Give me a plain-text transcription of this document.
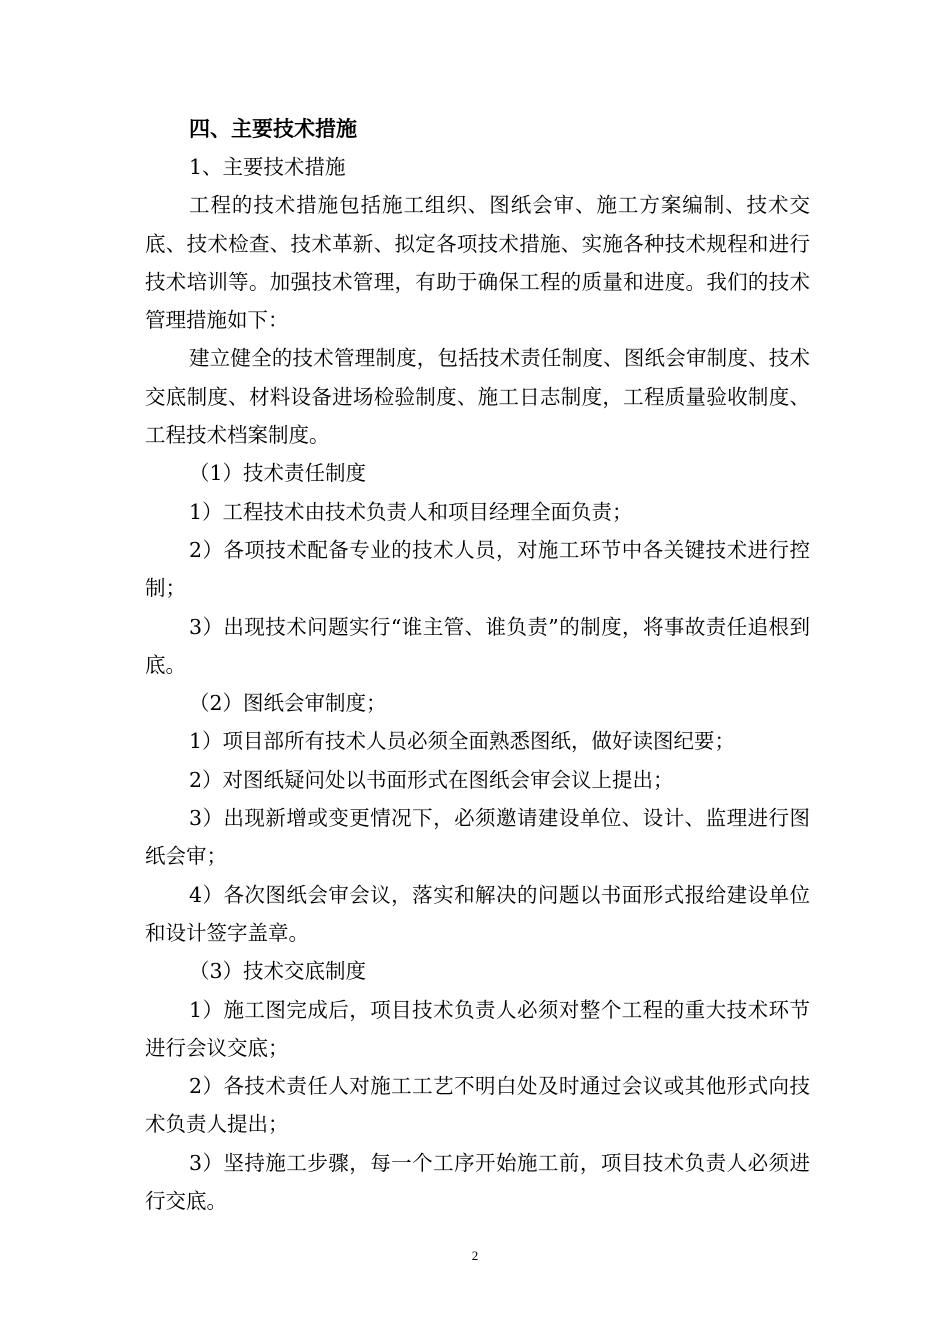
四、主要技术措施

1、主要技术措施

工程的技术措施包括施工组织、图纸会审、施工方案编制、技术交底、技术检查、技术革新、拟定各项技术措施、实施各种技术规程和进行技术培训等。加强技术管理，有助于确保工程的质量和进度。我们的技术管理措施如下：

建立健全的技术管理制度，包括技术责任制度、图纸会审制度、技术交底制度、材料设备进场检验制度、施工日志制度，工程质量验收制度、工程技术档案制度。

（1）技术责任制度

1）工程技术由技术负责人和项目经理全面负责；

2）各项技术配备专业的技术人员，对施工环节中各关键技术进行控制；

3）出现技术问题实行“谁主管、谁负责”的制度，将事故责任追根到底。

（2）图纸会审制度；

1）项目部所有技术人员必须全面熟悉图纸，做好读图纪要；

2）对图纸疑问处以书面形式在图纸会审会议上提出；

3）出现新增或变更情况下，必须邀请建设单位、设计、监理进行图纸会审；

4）各次图纸会审会议，落实和解决的问题以书面形式报给建设单位和设计签字盖章。

（3）技术交底制度

1）施工图完成后，项目技术负责人必须对整个工程的重大技术环节进行会议交底；

2）各技术责任人对施工工艺不明白处及时通过会议或其他形式向技术负责人提出；

3）坚持施工步骤，每一个工序开始施工前，项目技术负责人必须进行交底。

2
